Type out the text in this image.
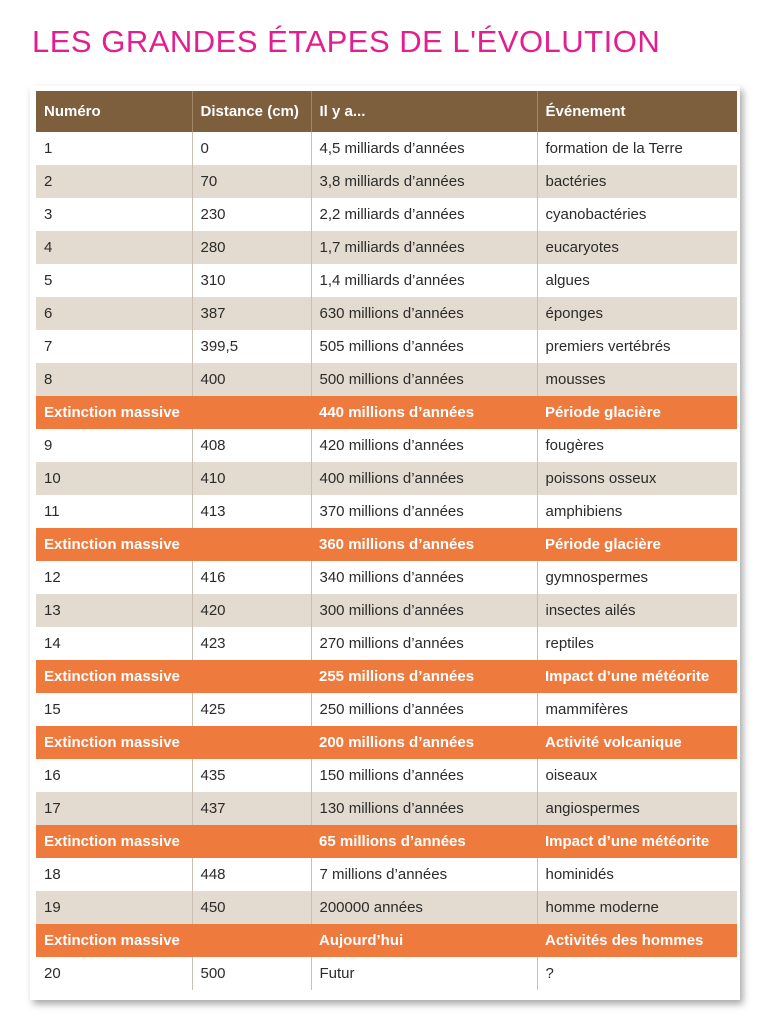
LES GRANDES ÉTAPES DE L'ÉVOLUTION
Numéro	Distance (cm)	Il y a...	Événement
1	0	4,5 milliards d’années	formation de la Terre
2	70	3,8 milliards d’années	bactéries
3	230	2,2 milliards d’années	cyanobactéries
4	280	1,7 milliards d’années	eucaryotes
5	310	1,4 milliards d’années	algues
6	387	630 millions d’années	éponges
7	399,5	505 millions d’années	premiers vertébrés
8	400	500 millions d’années	mousses
Extinction massive		440 millions d’années	Période glacière
9	408	420 millions d’années	fougères
10	410	400 millions d’années	poissons osseux
11	413	370 millions d’années	amphibiens
Extinction massive		360 millions d’années	Période glacière
12	416	340 millions d’années	gymnospermes
13	420	300 millions d’années	insectes ailés
14	423	270 millions d’années	reptiles
Extinction massive		255 millions d’années	Impact d’une météorite
15	425	250 millions d’années	mammifères
Extinction massive		200 millions d’années	Activité volcanique
16	435	150 millions d’années	oiseaux
17	437	130 millions d’années	angiospermes
Extinction massive		65 millions d’années	Impact d’une météorite
18	448	7 millions d’années	hominidés
19	450	200000 années	homme moderne
Extinction massive		Aujourd’hui	Activités des hommes
20	500	Futur	?
